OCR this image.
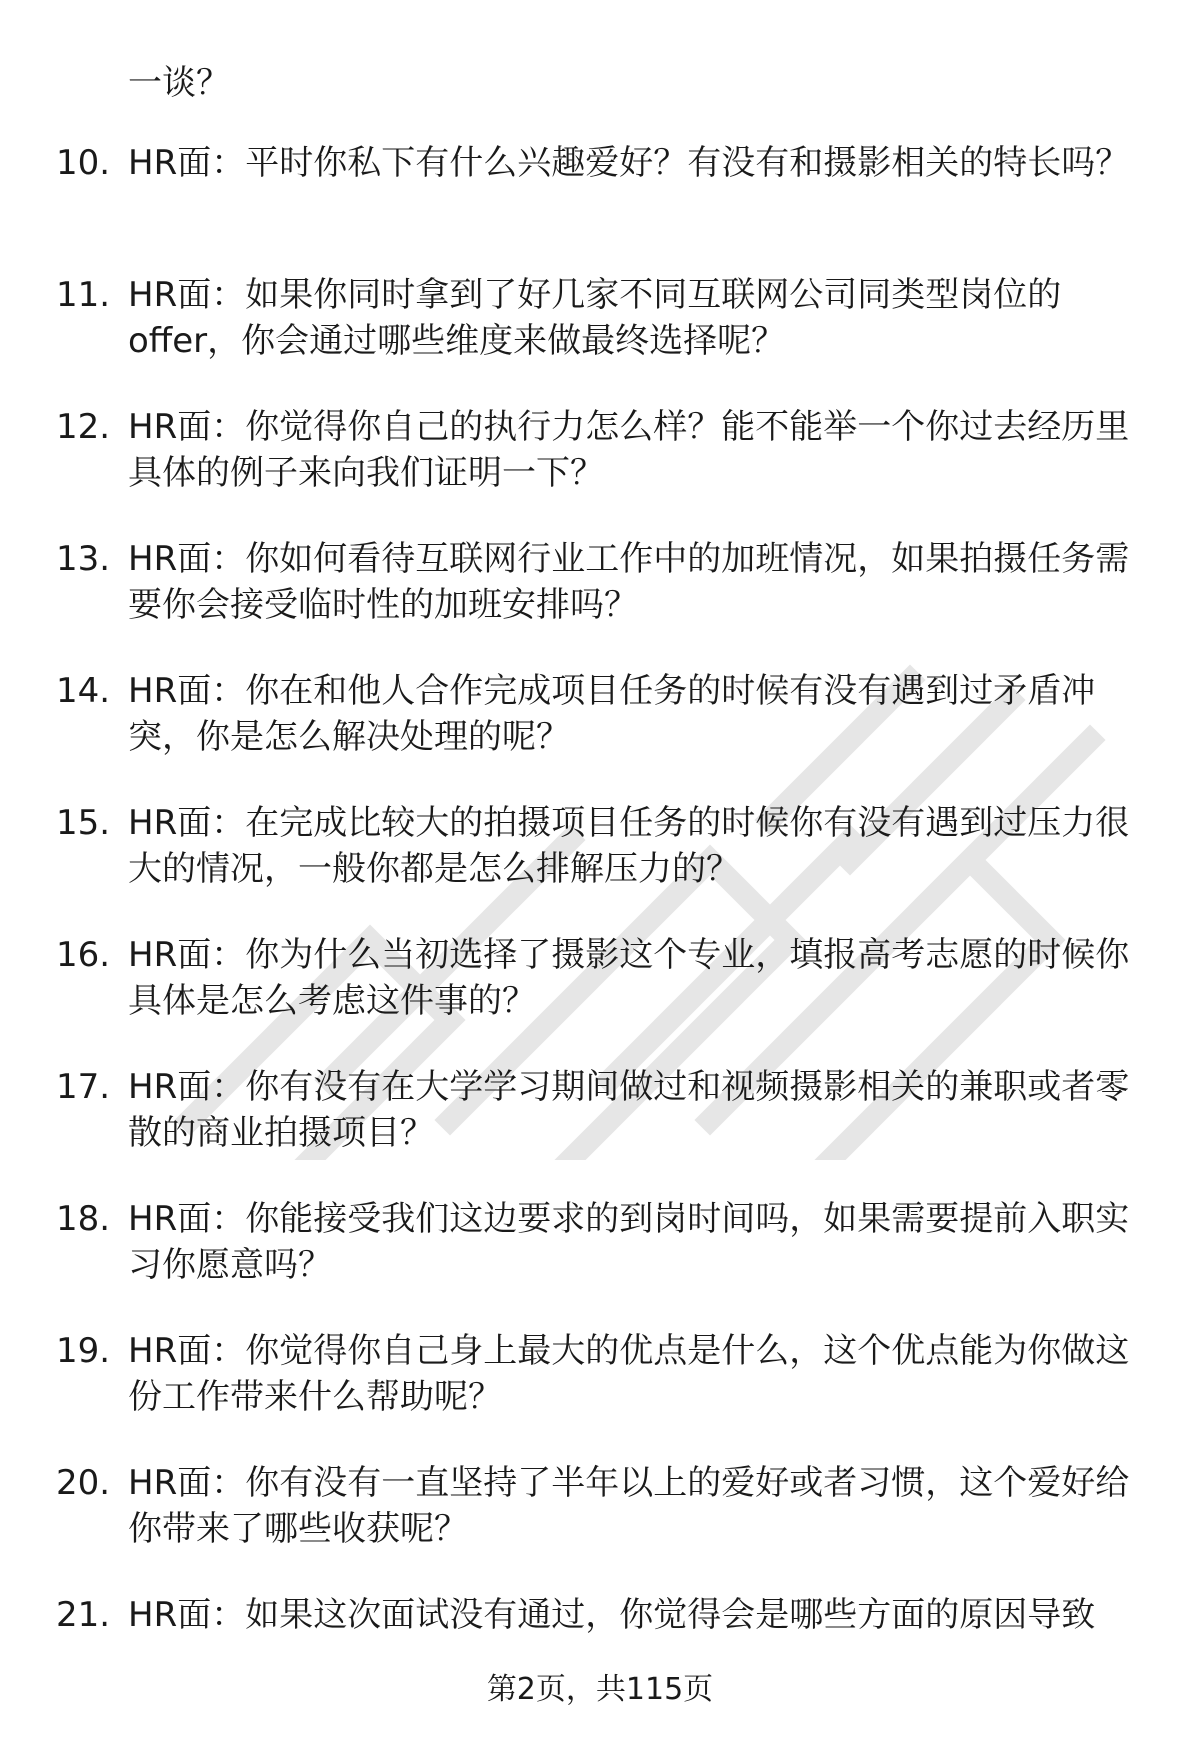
一谈？

10. HR面：平时你私下有什么兴趣爱好？有没有和摄影相关的特长吗？
11. HR面：如果你同时拿到了好几家不同互联网公司同类型岗位的offer，你会通过哪些维度来做最终选择呢？
12. HR面：你觉得你自己的执行力怎么样？能不能举一个你过去经历里具体的例子来向我们证明一下？
13. HR面：你如何看待互联网行业工作中的加班情况，如果拍摄任务需要你会接受临时性的加班安排吗？
14. HR面：你在和他人合作完成项目任务的时候有没有遇到过矛盾冲突，你是怎么解决处理的呢？
15. HR面：在完成比较大的拍摄项目任务的时候你有没有遇到过压力很大的情况，一般你都是怎么排解压力的？
16. HR面：你为什么当初选择了摄影这个专业，填报高考志愿的时候你具体是怎么考虑这件事的？
17. HR面：你有没有在大学学习期间做过和视频摄影相关的兼职或者零散的商业拍摄项目？
18. HR面：你能接受我们这边要求的到岗时间吗，如果需要提前入职实习你愿意吗？
19. HR面：你觉得你自己身上最大的优点是什么，这个优点能为你做这份工作带来什么帮助呢？
20. HR面：你有没有一直坚持了半年以上的爱好或者习惯，这个爱好给你带来了哪些收获呢？
21. HR面：如果这次面试没有通过，你觉得会是哪些方面的原因导致
第2页，共115页
